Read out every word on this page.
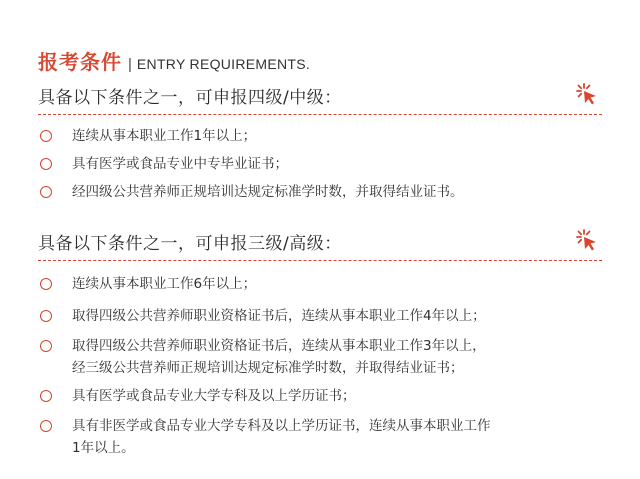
报考条件 | ENTRY REQUIREMENTS.
具备以下条件之一，可申报四级/中级：
连续从事本职业工作1年以上；
具有医学或食品专业中专毕业证书；
经四级公共营养师正规培训达规定标准学时数，并取得结业证书。
具备以下条件之一，可申报三级/高级：
连续从事本职业工作6年以上；
取得四级公共营养师职业资格证书后，连续从事本职业工作4年以上；
取得四级公共营养师职业资格证书后，连续从事本职业工作3年以上，
经三级公共营养师正规培训达规定标准学时数，并取得结业证书；
具有医学或食品专业大学专科及以上学历证书；
具有非医学或食品专业大学专科及以上学历证书，连续从事本职业工作
1年以上。
